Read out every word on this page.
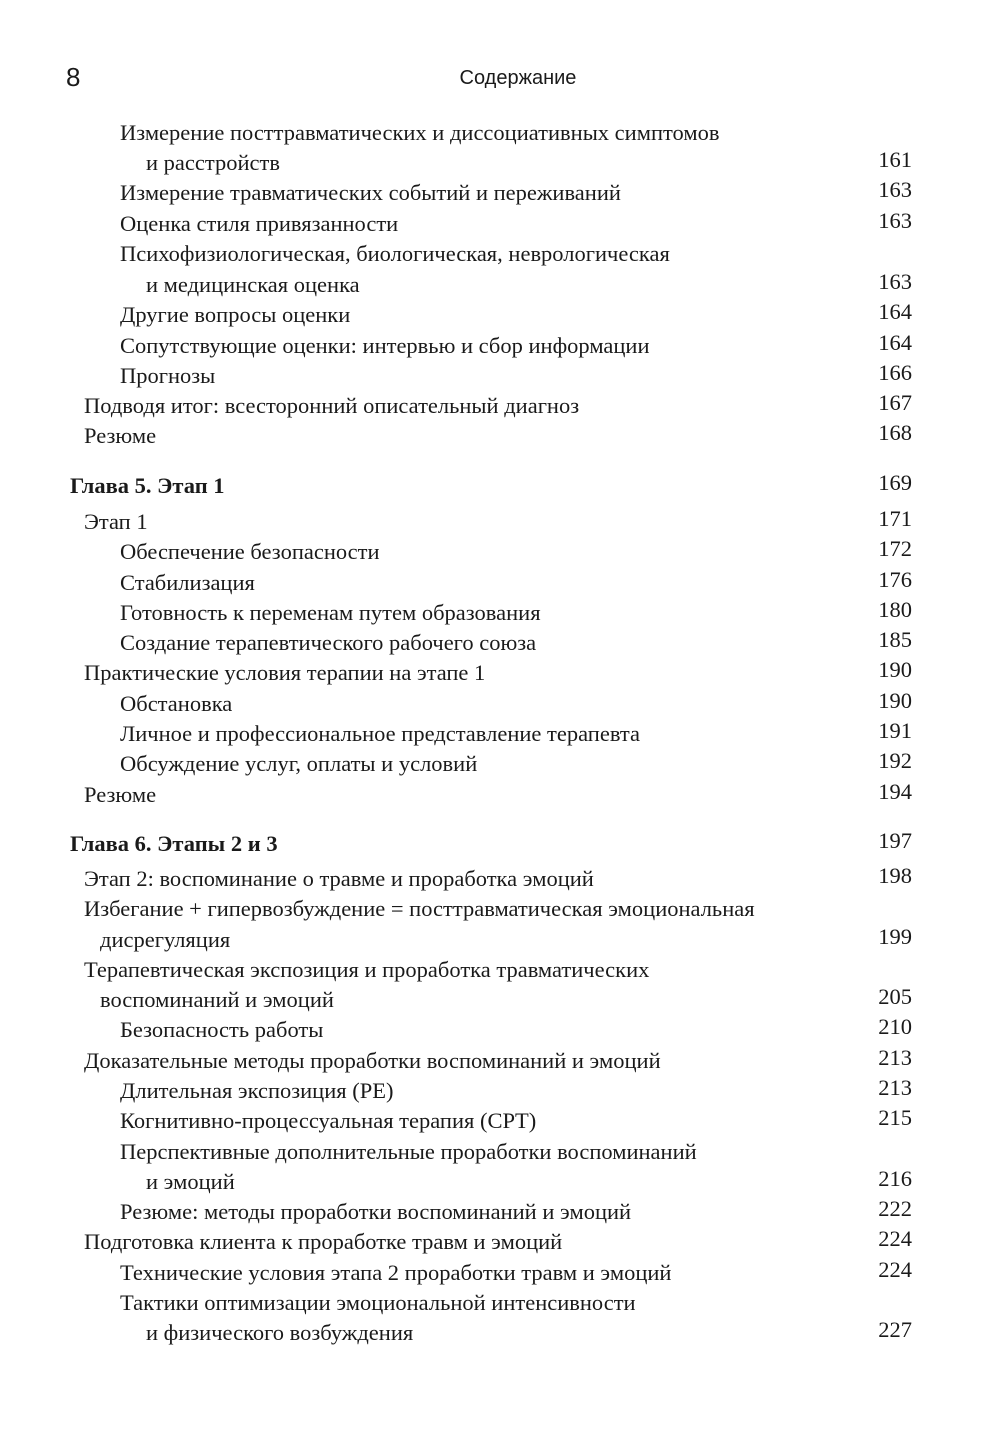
8	Содержание
Измерение посттравматических и диссоциативных симптомов
и расстройств	161
Измерение травматических событий и переживаний	163
Оценка стиля привязанности	163
Психофизиологическая, биологическая, неврологическая
и медицинская оценка	163
Другие вопросы оценки	164
Сопутствующие оценки: интервью и сбор информации	164
Прогнозы	166
Подводя итог: всесторонний описательный диагноз	167
Резюме	168
Глава 5. Этап 1	169
Этап 1	171
Обеспечение безопасности	172
Стабилизация	176
Готовность к переменам путем образования	180
Создание терапевтического рабочего союза	185
Практические условия терапии на этапе 1	190
Обстановка	190
Личное и профессиональное представление терапевта	191
Обсуждение услуг, оплаты и условий	192
Резюме	194
Глава 6. Этапы 2 и 3	197
Этап 2: воспоминание о травме и проработка эмоций	198
Избегание + гипервозбуждение = посттравматическая эмоциональная
дисрегуляция	199
Терапевтическая экспозиция и проработка травматических
воспоминаний и эмоций	205
Безопасность работы	210
Доказательные методы проработки воспоминаний и эмоций	213
Длительная экспозиция (PE)	213
Когнитивно-процессуальная терапия (CPT)	215
Перспективные дополнительные проработки воспоминаний
и эмоций	216
Резюме: методы проработки воспоминаний и эмоций	222
Подготовка клиента к проработке травм и эмоций	224
Технические условия этапа 2 проработки травм и эмоций	224
Тактики оптимизации эмоциональной интенсивности
и физического возбуждения	227
